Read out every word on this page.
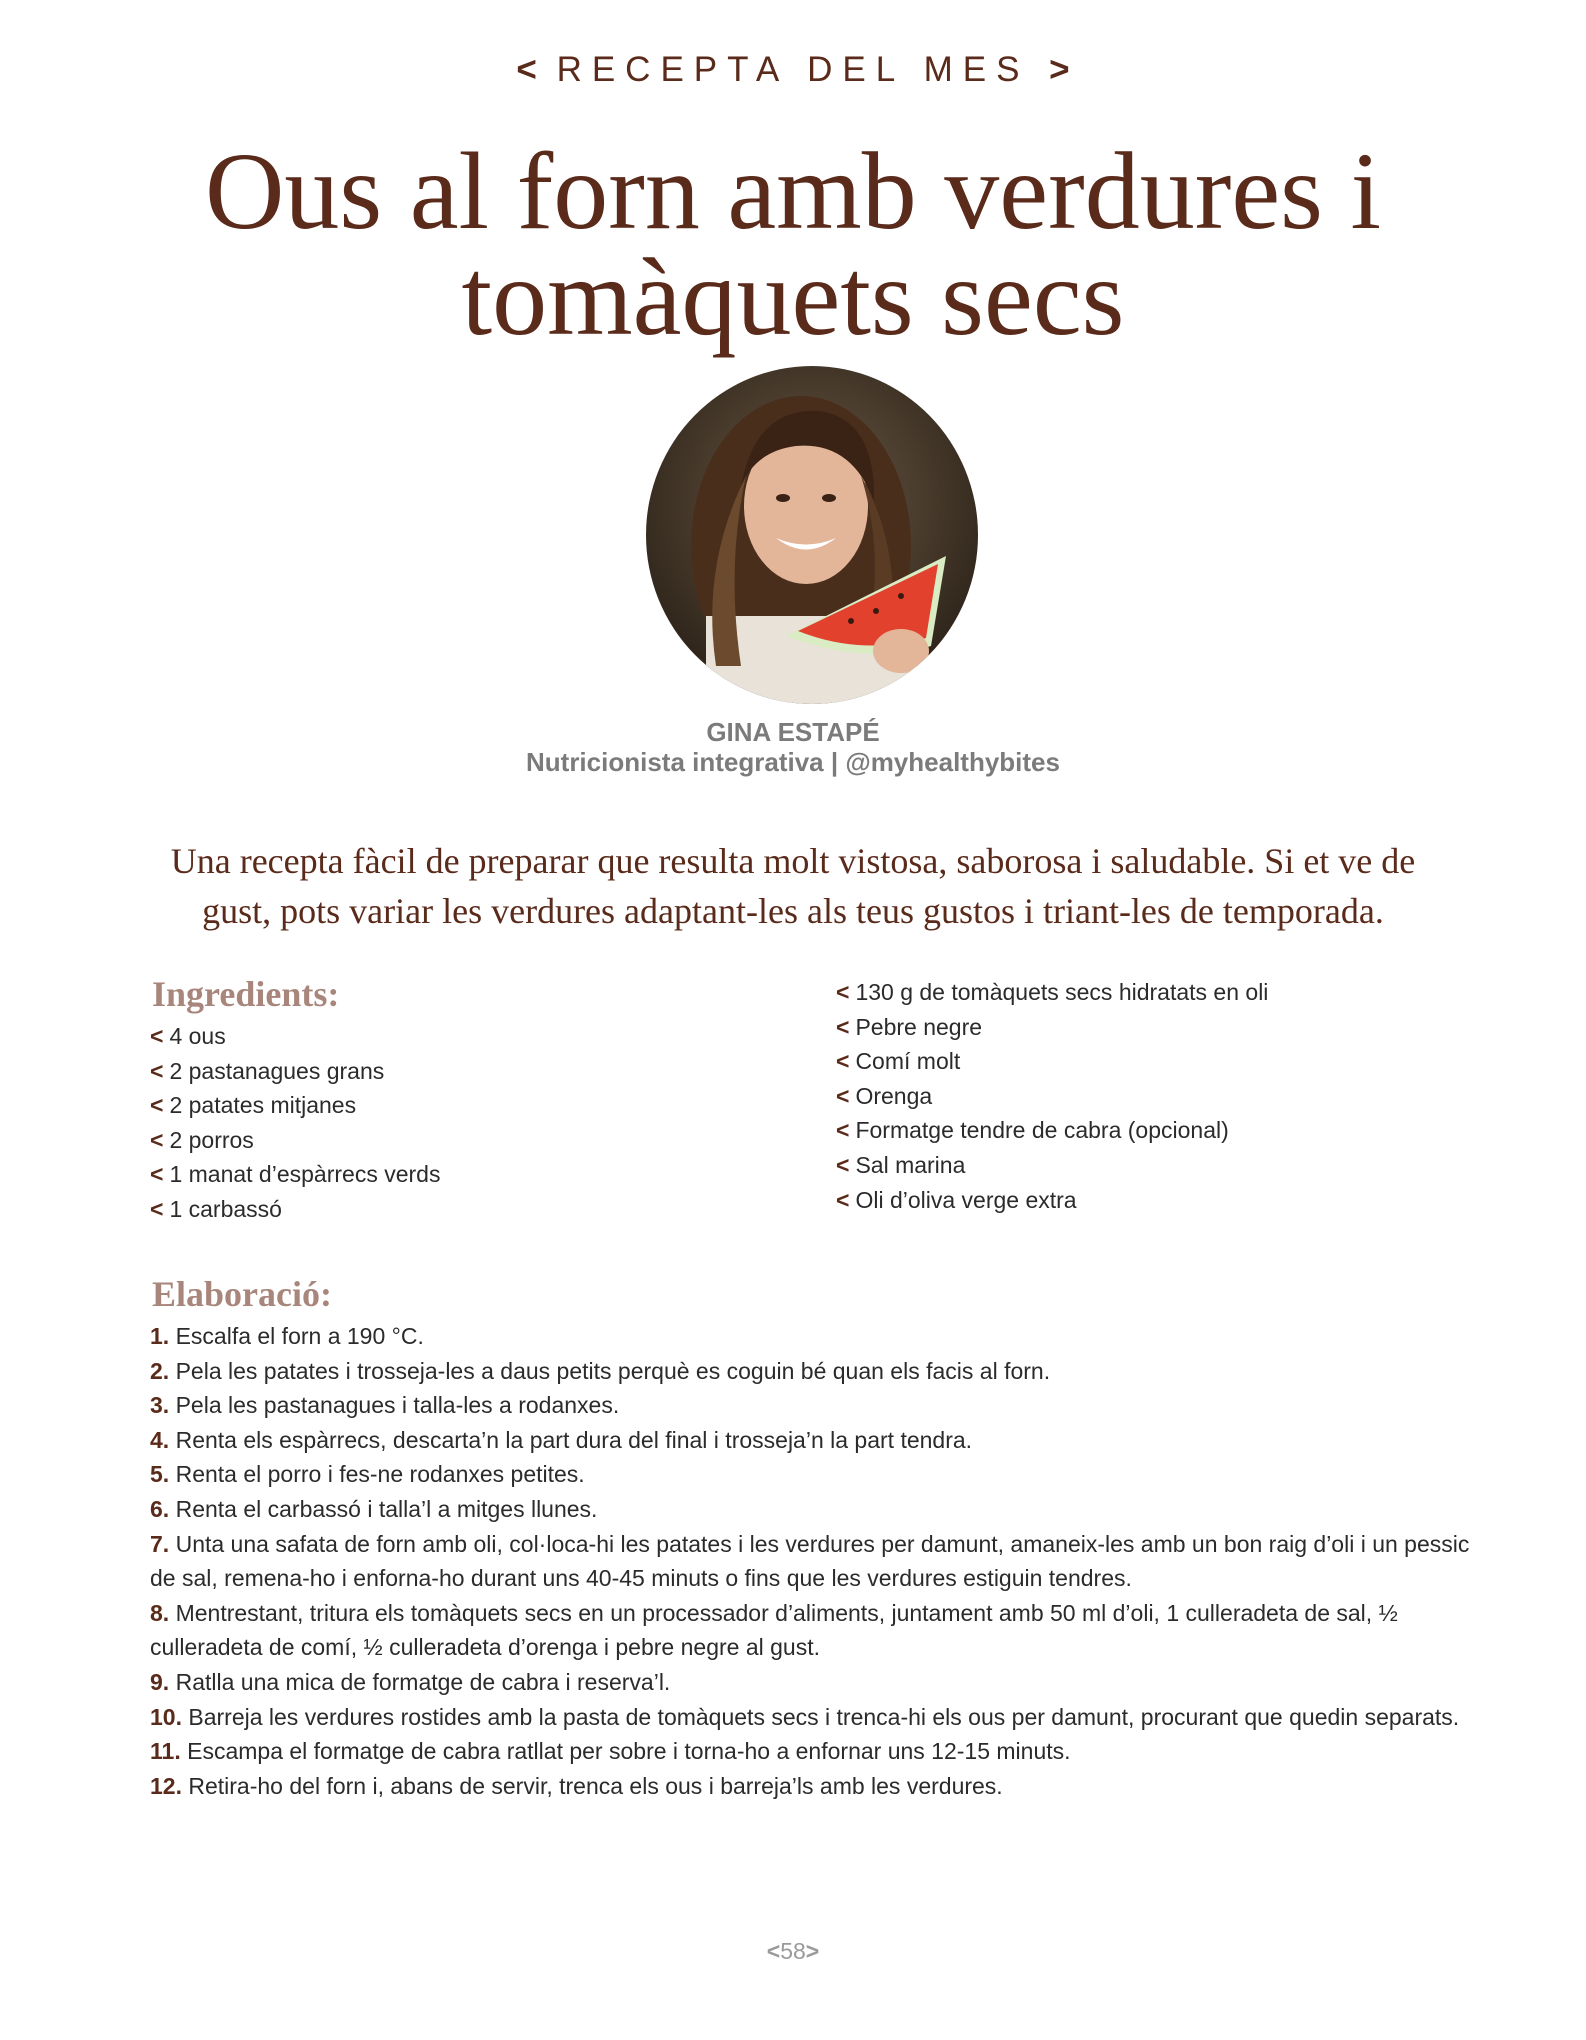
< RECEPTA DEL MES >
Ous al forn amb verdures i tomàquets secs
GINA ESTAPÉ
Nutricionista integrativa | @myhealthybites

Una recepta fàcil de preparar que resulta molt vistosa, saborosa i saludable. Si et ve de gust, pots variar les verdures adaptant-les als teus gustos i triant-les de temporada.

Ingredients:
< 4 ous
< 2 pastanagues grans
< 2 patates mitjanes
< 2 porros
< 1 manat d’espàrrecs verds
< 1 carbassó
< 130 g de tomàquets secs hidratats en oli
< Pebre negre
< Comí molt
< Orenga
< Formatge tendre de cabra (opcional)
< Sal marina
< Oli d’oliva verge extra
Elaboració:
1. Escalfa el forn a 190 °C.
2. Pela les patates i trosseja-les a daus petits perquè es coguin bé quan els facis al forn.
3. Pela les pastanagues i talla-les a rodanxes.
4. Renta els espàrrecs, descarta’n la part dura del final i trosseja’n la part tendra.
5. Renta el porro i fes-ne rodanxes petites.
6. Renta el carbassó i talla’l a mitges llunes.
7. Unta una safata de forn amb oli, col·loca-hi les patates i les verdures per damunt, amaneix-les amb un bon raig d’oli i un pessic de sal, remena-ho i enforna-ho durant uns 40-45 minuts o fins que les verdures estiguin tendres.
8. Mentrestant, tritura els tomàquets secs en un processador d’aliments, juntament amb 50 ml d’oli, 1 culleradeta de sal, ½ culleradeta de comí, ½ culleradeta d’orenga i pebre negre al gust.
9. Ratlla una mica de formatge de cabra i reserva’l.
10. Barreja les verdures rostides amb la pasta de tomàquets secs i trenca-hi els ous per damunt, procurant que quedin separats.
11. Escampa el formatge de cabra ratllat per sobre i torna-ho a enfornar uns 12-15 minuts.
12. Retira-ho del forn i, abans de servir, trenca els ous i barreja’ls amb les verdures.
<58>
